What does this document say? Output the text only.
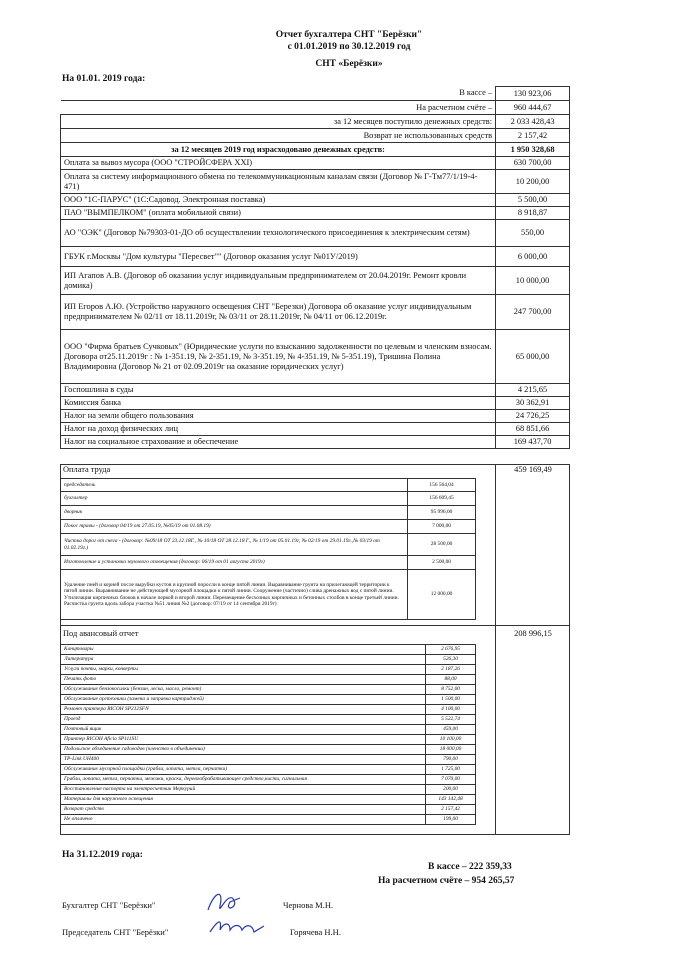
Отчет бухгалтера СНТ "Берёзки"
с 01.01.2019 по 30.12.2019 год
СНТ «Берёзки»
На 01.01. 2019 года:
В кассе –	130 923,06
На расчетном счёте –	960 444,67
за 12 месяцев поступило денежных средств:	2 033 428,43
Возврат не использованных средств	2 157,42
за 12 месяцев 2019 год израсходовано денежных средств:	1 950 328,68
Оплата за вывоз мусора (ООО "СТРОЙСФЕРА XXI)	630 700,00
Оплата за систему информационного обмена по телекоммуникационным каналам связи (Договор № Г-Тм77/1/19-4-471)	10 200,00
ООО "1С-ПАРУС" (1С:Садовод. Электронная поставка)	5 500,00
ПАО "ВЫМПЕЛКОМ" (оплата мобильной связи)	8 918,87
АО "ОЭК" (Договор №79303-01-ДО об осуществлении технологического присоединения к электрическим сетям)	550,00
ГБУК г.Москвы "Дом культуры "Пересвет"" (Договор оказания услуг №01У/2019)	6 000,00
ИП Агапов А.В. (Договор об оказании услуг индивидуальным предпринимателем от 20.04.2019г. Ремонт кровли домика)	10 000,00
ИП Егоров А.Ю. (Устройство наружного освещения СНТ "Березки) Договора об оказание услуг индивидуальным предпринимателем № 02/11 от 18.11.2019г, № 03/11 от 28.11.2019г, № 04/11 от 06.12.2019г.	247 700,00
ООО "Фирма братьев Сучковых" (Юридические услуги по взысканию задолженности по целевым и членским взносам. Договора от25.11.2019г : № 1-351.19, № 2-351.19, № 3-351.19, № 4-351.19, № 5-351.19), Тришина Полина Владимировна (Договор № 21 от 02.09.2019г на оказание юридических услуг)	65 000,00
Госпошлина в суды	4 215,65
Комиссия банка	30 362,91
Налог на земли общего пользования	24 726,25
Налог на доход физических лиц	68 851,66
Налог на социальное страхование и обеспечение	169 437,70
Оплата труда	459 169,49
председатель	156 564,04
бухгалтер	156 609,45
дворник	95 996,00
Покос травы - (договор 04/19 от 27.05.19, №05/19 от 01.08.19)	7 000,00
Чистка дорог от снега - (договор: №09/18 ОТ 23.12.18Г., № 10/18 ОТ 28.12.18 Г., № 1/19 от 05.01.19г, № 02/19 от 29.01.19г.,№ 03/19 от 01.02.19г.)	28 500,00
Изготовление и установка звукового оповещения (договор: 06/19 от 01 августа 2019г)	2 500,00
Удаление пней и корней после вырубки кустов и крупной поросли в конце пятой линии. Выравнивание грунта на прилегающей территории к пятой линии. Выравнивание не действующей мусорной площадки к пятой линии. Сооружение (частично) слива дренажных вод с пятой линии. Утилизация кирпичных блоков в начале первой и второй линии. Перемещение бесхозных кирпичных и бетонных столбов в конце третьей линии. Расчистка грунта вдоль забора участка №51 линия №2 (договор: 07/19 от 14 сентября 2019г)	12 000,00
Под авансовый отчет	208 996,15
Канцтовары	2 676,95
Литература	526,30
Услуги почты, марки, конверты	2 187,26
Печать фото	88,00
Обслуживание бензокосилки (бензин, леска, масло, ремонт)	8 752,00
Обслуживание оргтехники (замена и заправка картриджей)	1 500,00
Ремонт принтера RICOH SP212SFN	4 100,00
Проезд	5 522,74
Почтовый ящик	459,00
Принтер RICOH Aficio SP111SU	10 100,00
Подольское объединение садоводов (членство в объединении)	18 000,00
TP-Link UH400	790,00
Обслуживание мусорной площадки (грабли, лопата, метла, перчатки)	1 725,00
Грабли, лопата, метла, перчатки, межики, краска, деревообрабатывающее средство,кисти, сигнальная	7 070,00
Восстановление паспорта на электросчетчик Меркурий	200,00
Материалы для наружного освещения	143 142,48
Возврат средств	2 157,42
Не оплачено	199,00
На 31.12.2019 года:
В кассе – 222 359,33
На расчетном счёте – 954 265,57
Бухгалтер СНТ "Берёзки"	Чернова М.Н.
Председатель СНТ "Берёзки"	Горячева Н.Н.
